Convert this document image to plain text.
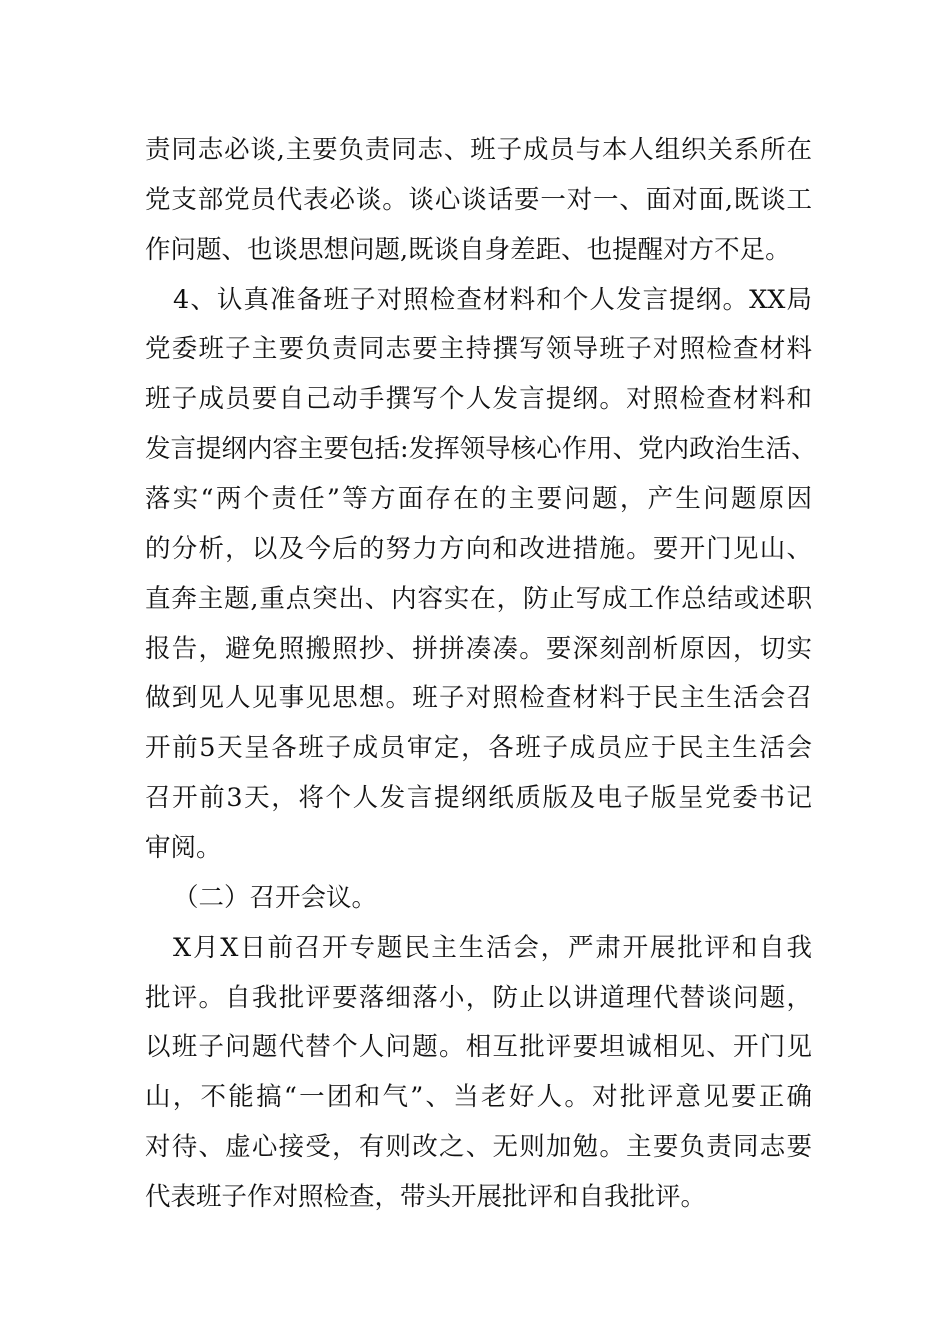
责同志必谈,主要负责同志、班子成员与本人组织关系所在
党支部党员代表必谈。谈心谈话要一对一、面对面,既谈工
作问题、也谈思想问题,既谈自身差距、也提醒对方不足。
4、认真准备班子对照检查材料和个人发言提纲。XX局
党委班子主要负责同志要主持撰写领导班子对照检查材料
班子成员要自己动手撰写个人发言提纲。对照检查材料和
发言提纲内容主要包括:发挥领导核心作用、党内政治生活、
落实“两个责任”等方面存在的主要问题，产生问题原因
的分析，以及今后的努力方向和改进措施。要开门见山、
直奔主题,重点突出、内容实在，防止写成工作总结或述职
报告，避免照搬照抄、拼拼凑凑。要深刻剖析原因，切实
做到见人见事见思想。班子对照检查材料于民主生活会召
开前5天呈各班子成员审定，各班子成员应于民主生活会
召开前3天，将个人发言提纲纸质版及电子版呈党委书记
审阅。
（二）召开会议。
X月X日前召开专题民主生活会，严肃开展批评和自我
批评。自我批评要落细落小，防止以讲道理代替谈问题，
以班子问题代替个人问题。相互批评要坦诚相见、开门见
山，不能搞“一团和气”、当老好人。对批评意见要正确
对待、虚心接受，有则改之、无则加勉。主要负责同志要
代表班子作对照检查，带头开展批评和自我批评。
